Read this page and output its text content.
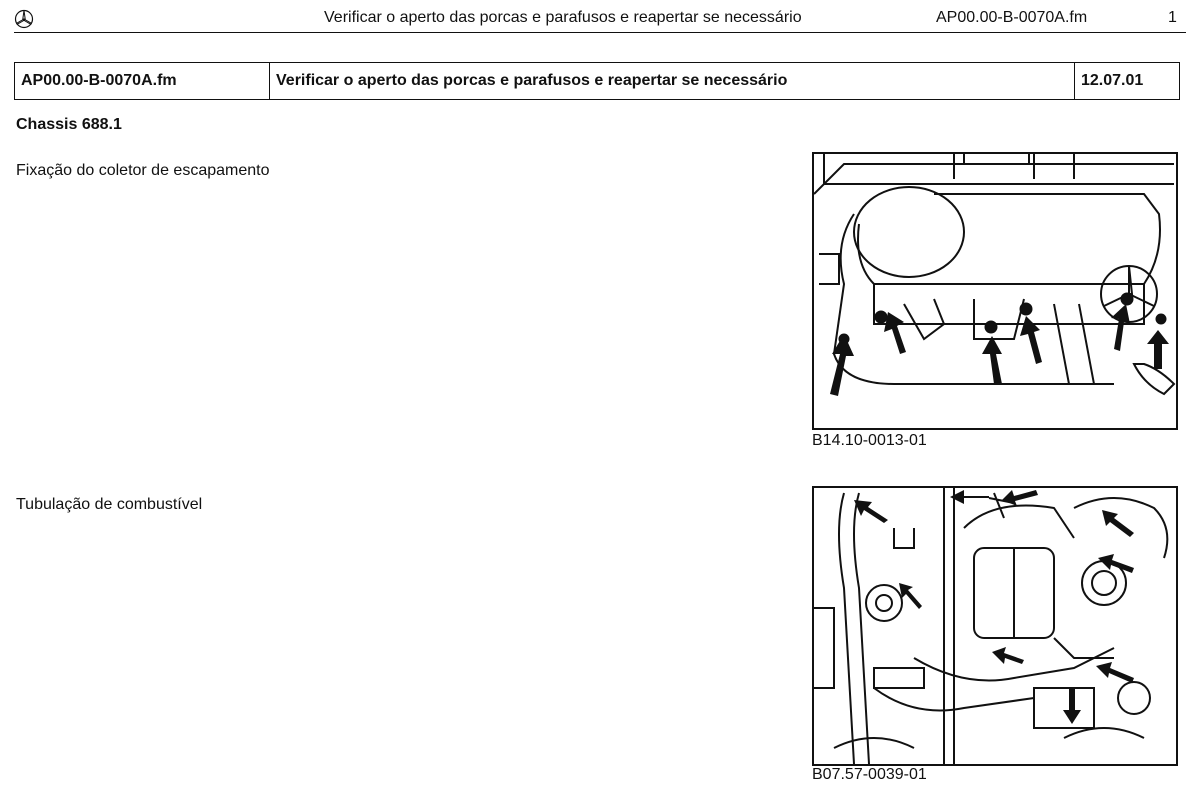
Verificar o aperto das porcas e parafusos e reapertar se necessário	AP00.00-B-0070A.fm	1
AP00.00-B-0070A.fm	Verificar o aperto das porcas e parafusos e reapertar se necessário	12.07.01
Chassis 688.1
Fixação do coletor de escapamento
B14.10-0013-01
Tubulação de combustível
B07.57-0039-01
